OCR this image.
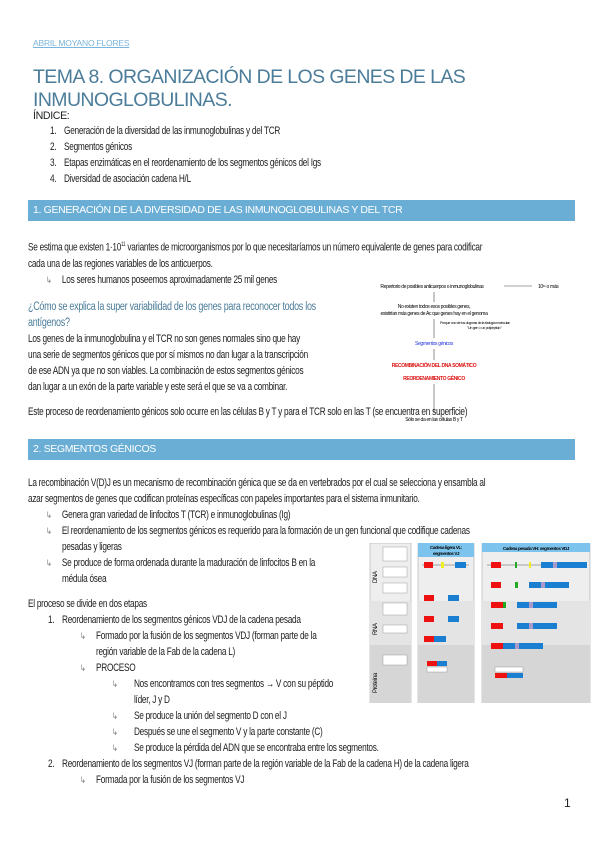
ABRIL MOYANO FLORES
TEMA 8. ORGANIZACIÓN DE LOS GENES DE LAS INMUNOGLOBULINAS.
ÍNDICE:
1. Generación de la diversidad de las inmunoglobulinas y del TCR
2. Segmentos génicos
3. Etapas enzimáticas en el reordenamiento de los segmentos génicos del Igs
4. Diversidad de asociación cadena H/L
1. GENERACIÓN DE LA DIVERSIDAD DE LAS INMUNOGLOBULINAS Y DEL TCR
Se estima que existen $1\cdot 10^{11}$ variantes de microorganismos por lo que necesitaríamos un número equivalente de genes para codificar
cada una de las regiones variables de los anticuerpos.
↳ Los seres humanos poseemos aproximadamente 25 mil genes
¿Cómo se explica la super variabilidad de los genes para reconocer todos los
antígenos?
Los genes de la inmunoglobulina y el TCR no son genes normales sino que hay
una serie de segmentos génicos que por sí mismos no dan lugar a la transcripción
de ese ADN ya que no son viables. La combinación de estos segmentos génicos
dan lugar a un exón de la parte variable y este será el que se va a combinar.
Repertorio de posibles anticuerpos o inmunoglobulinas	10¹¹ o más
No existen todos esos posibles genes,
existirían más genes de Ac que genes hay en el genoma
Porque uno de los dogmas de la biología molecular:
"Un gen = un polipéptido"
Segmentos génicos
RECOMBINACIÓN DEL DNA SOMÁTICO
REORDENAMIENTO GÉNICO
Sólo se da en las células B y T
Este proceso de reordenamiento génicos solo ocurre en las células B y T y para el TCR solo en las T (se encuentra en superficie)
2. SEGMENTOS GÉNICOS
La recombinación V(D)J es un mecanismo de recombinación génica que se da en vertebrados por el cual se selecciona y ensambla al
azar segmentos de genes que codifican proteínas específicas con papeles importantes para el sistema inmunitario.
↳ Genera gran variedad de linfocitos T (TCR) e inmunoglobulinas (Ig)
↳ El reordenamiento de los segmentos génicos es requerido para la formación de un gen funcional que codifique cadenas
pesadas y ligeras
↳ Se produce de forma ordenada durante la maduración de linfocitos B en la
médula ósea
El proceso se divide en dos etapas
1. Reordenamiento de los segmentos génicos VDJ de la cadena pesada
↳ Formado por la fusión de los segmentos VDJ (forman parte de la
región variable de la Fab de la cadena L)
↳ PROCESO
↳ Nos encontramos con tres segmentos → V con su péptido
líder, J y D
↳ Se produce la unión del segmento D con el J
↳ Después se une el segmento V y la parte constante (C)
↳ Se produce la pérdida del ADN que se encontraba entre los segmentos.
2. Reordenamiento de los segmentos VJ (forman parte de la región variable de la Fab de la cadena H) de la cadena ligera
↳ Formada por la fusión de los segmentos VJ
DNA
RNA
Proteína
Cadena ligera VL:
segmentos VJ
Cadena pesada VH: segmentos VDJ
1
